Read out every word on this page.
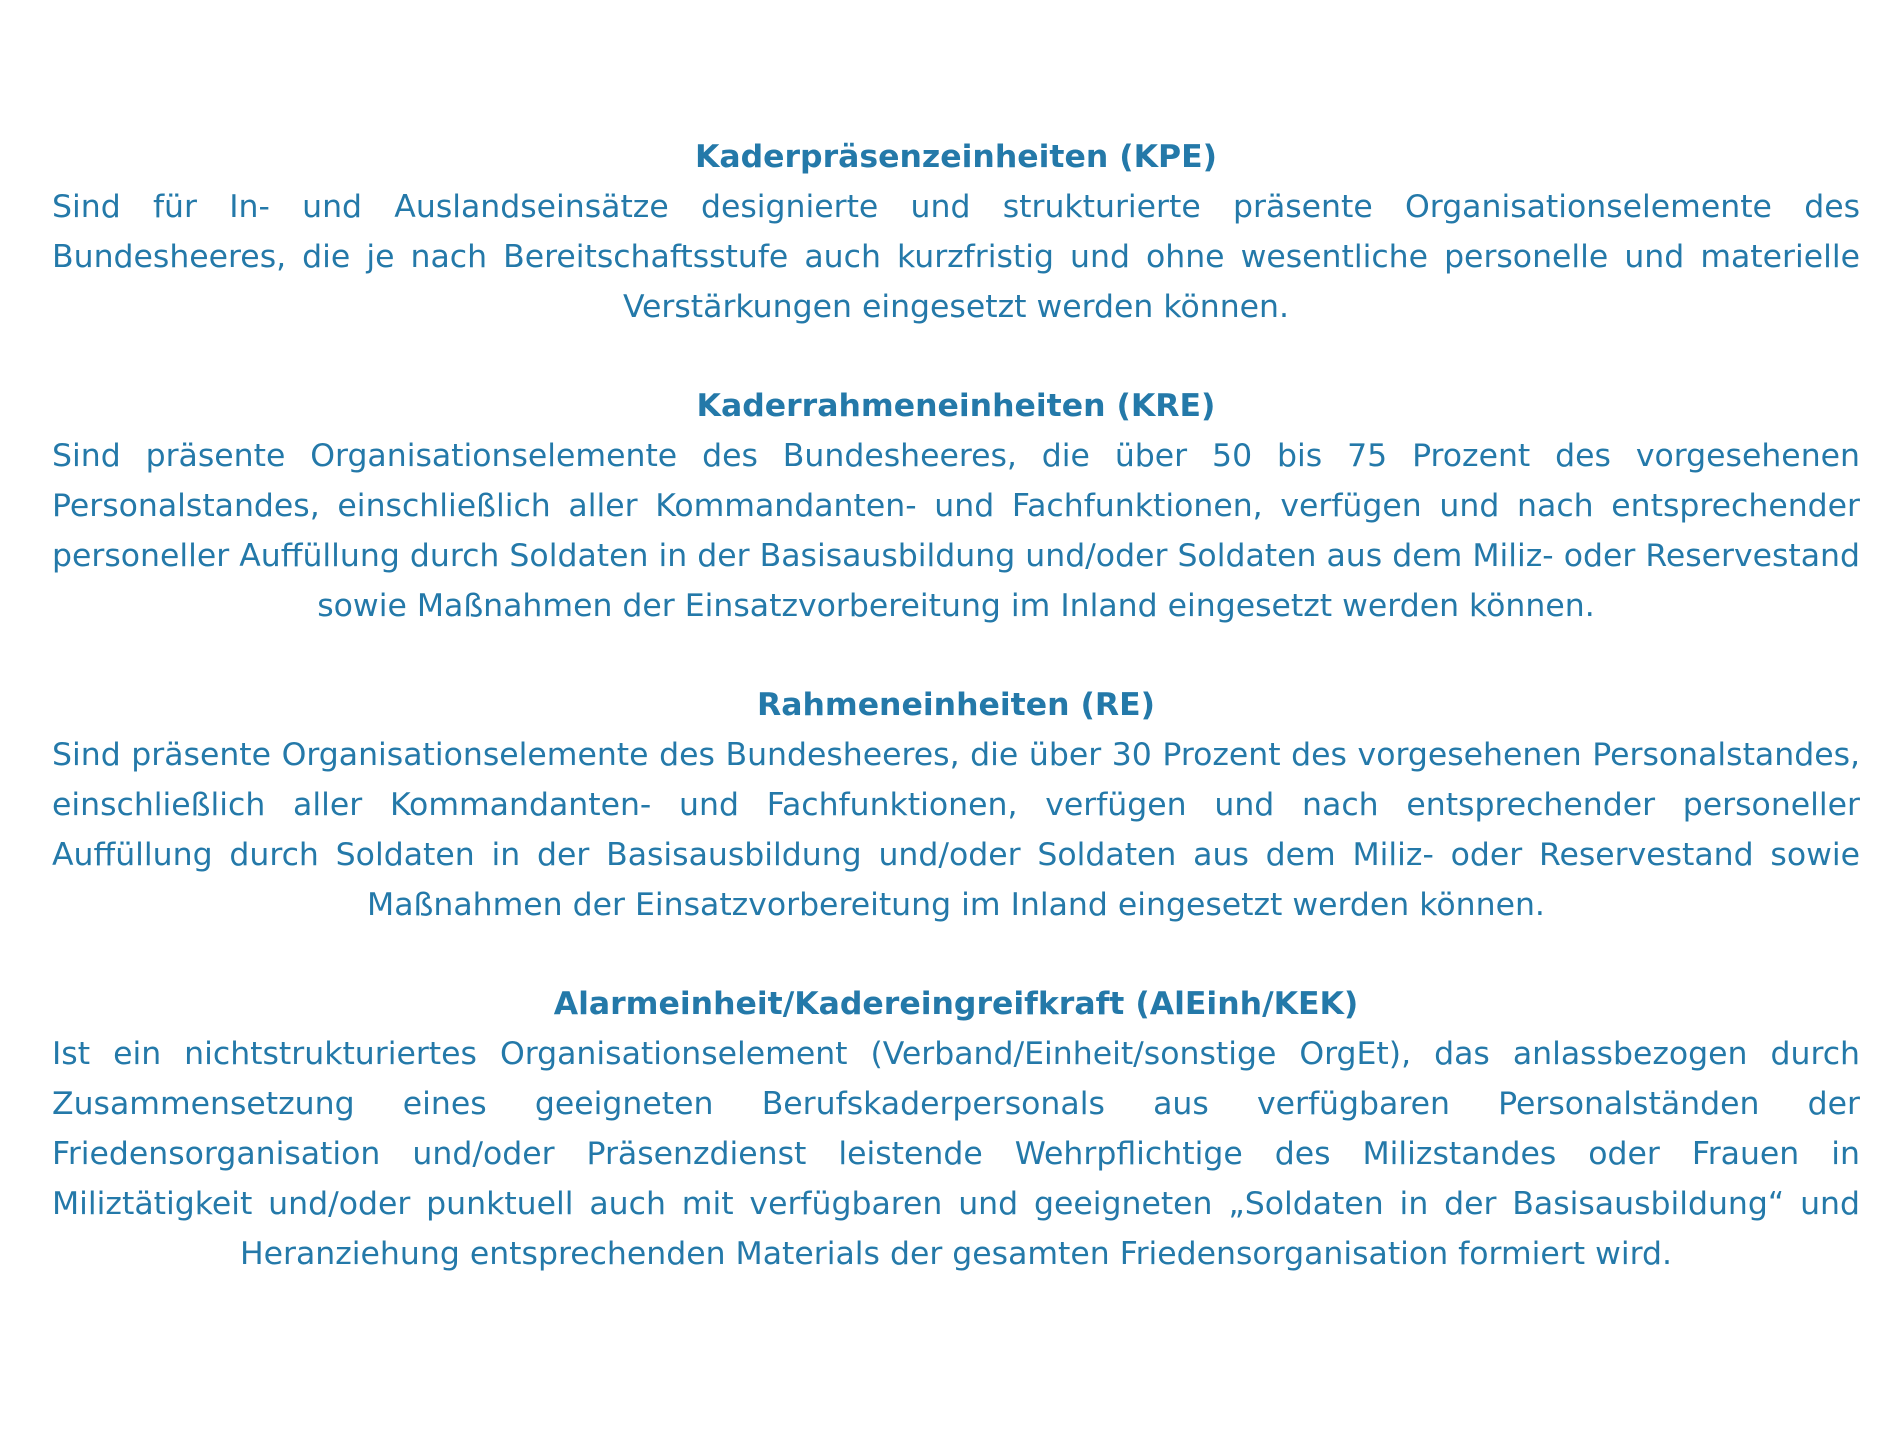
Kaderpräsenzeinheiten (KPE)

Sind für In- und Auslandseinsätze designierte und strukturierte präsente Organisationselemente des Bundesheeres, die je nach Bereitschaftsstufe auch kurzfristig und ohne wesentliche personelle und materielle Verstärkungen eingesetzt werden können.

Kaderrahmeneinheiten (KRE)

Sind präsente Organisationselemente des Bundesheeres, die über 50 bis 75 Prozent des vorgesehenen Personalstandes, einschließlich aller Kommandanten- und Fachfunktionen, verfügen und nach entsprechender personeller Auffüllung durch Soldaten in der Basisausbildung und/oder Soldaten aus dem Miliz- oder Reservestand sowie Maßnahmen der Einsatzvorbereitung im Inland eingesetzt werden können.

Rahmeneinheiten (RE)

Sind präsente Organisationselemente des Bundesheeres, die über 30 Prozent des vorgesehenen Personalstandes, einschließlich aller Kommandanten- und Fachfunktionen, verfügen und nach entsprechender personeller Auffüllung durch Soldaten in der Basisausbildung und/oder Soldaten aus dem Miliz- oder Reservestand sowie Maßnahmen der Einsatzvorbereitung im Inland eingesetzt werden können.

Alarmeinheit/Kadereingreifkraft (AlEinh/KEK)

Ist ein nichtstrukturiertes Organisationselement (Verband/Einheit/sonstige OrgEt), das anlassbezogen durch Zusammensetzung eines geeigneten Berufskaderpersonals aus verfügbaren Personalständen der Friedensorganisation und/oder Präsenzdienst leistende Wehrpflichtige des Milizstandes oder Frauen in Miliztätigkeit und/oder punktuell auch mit verfügbaren und geeigneten „Soldaten in der Basisausbildung“ und Heranziehung entsprechenden Materials der gesamten Friedensorganisation formiert wird.
